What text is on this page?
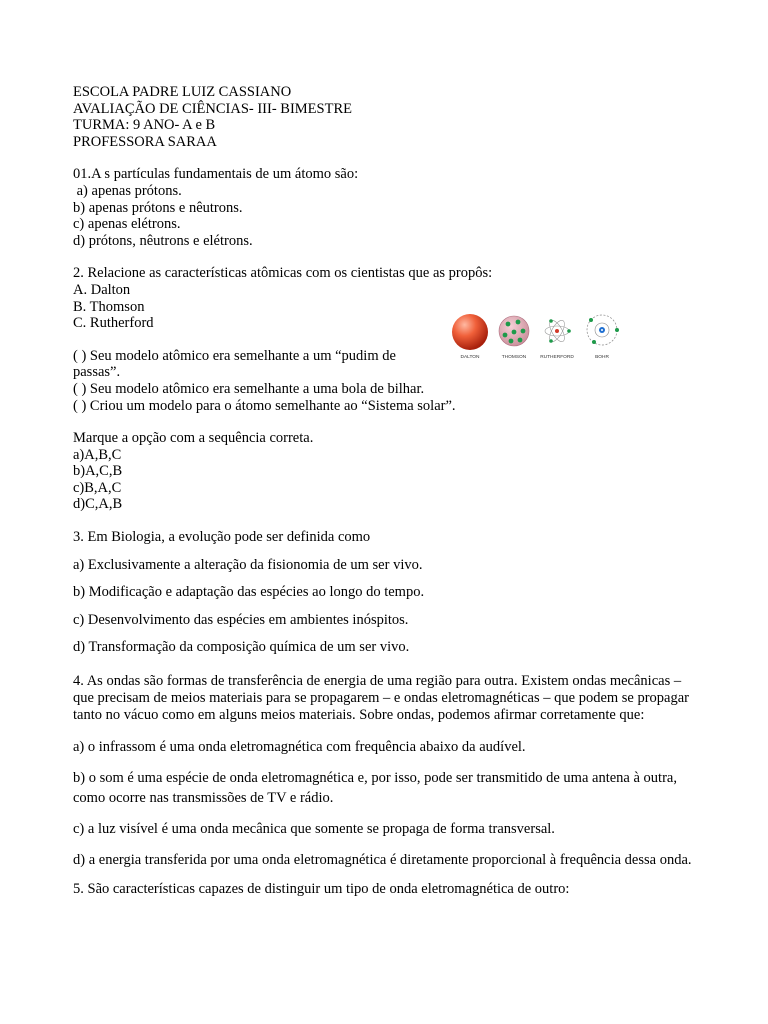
ESCOLA PADRE LUIZ CASSIANO
AVALIAÇÃO DE CIÊNCIAS- III- BIMESTRE
TURMA: 9 ANO- A e B
PROFESSORA SARAA
01.A s partículas fundamentais de um átomo são:
a) apenas prótons.
b) apenas prótons e nêutrons.
c) apenas elétrons.
d) prótons, nêutrons e elétrons.
2. Relacione as características atômicas com os cientistas que as propôs:
A. Dalton
B. Thomson
C. Rutherford
( ) Seu modelo atômico era semelhante a um “pudim de
passas”.
( ) Seu modelo atômico era semelhante a uma bola de bilhar.
( ) Criou um modelo para o átomo semelhante ao “Sistema solar”.
Marque a opção com a sequência correta.
a)A,B,C
b)A,C,B
c)B,A,C
d)C,A,B
3. Em Biologia, a evolução pode ser definida como
a) Exclusivamente a alteração da fisionomia de um ser vivo.
b) Modificação e adaptação das espécies ao longo do tempo.
c) Desenvolvimento das espécies em ambientes inóspitos.
d) Transformação da composição química de um ser vivo.
4. As ondas são formas de transferência de energia de uma região para outra. Existem ondas mecânicas – que precisam de meios materiais para se propagarem – e ondas eletromagnéticas – que podem se propagar tanto no vácuo como em alguns meios materiais. Sobre ondas, podemos afirmar corretamente que:
a) o infrassom é uma onda eletromagnética com frequência abaixo da audível.
b) o som é uma espécie de onda eletromagnética e, por isso, pode ser transmitido de uma antena à outra, como ocorre nas transmissões de TV e rádio.
c) a luz visível é uma onda mecânica que somente se propaga de forma transversal.
d) a energia transferida por uma onda eletromagnética é diretamente proporcional à frequência dessa onda.
5. São características capazes de distinguir um tipo de onda eletromagnética de outro:
DALTON	THOMSON	RUTHERFORD	BOHR
